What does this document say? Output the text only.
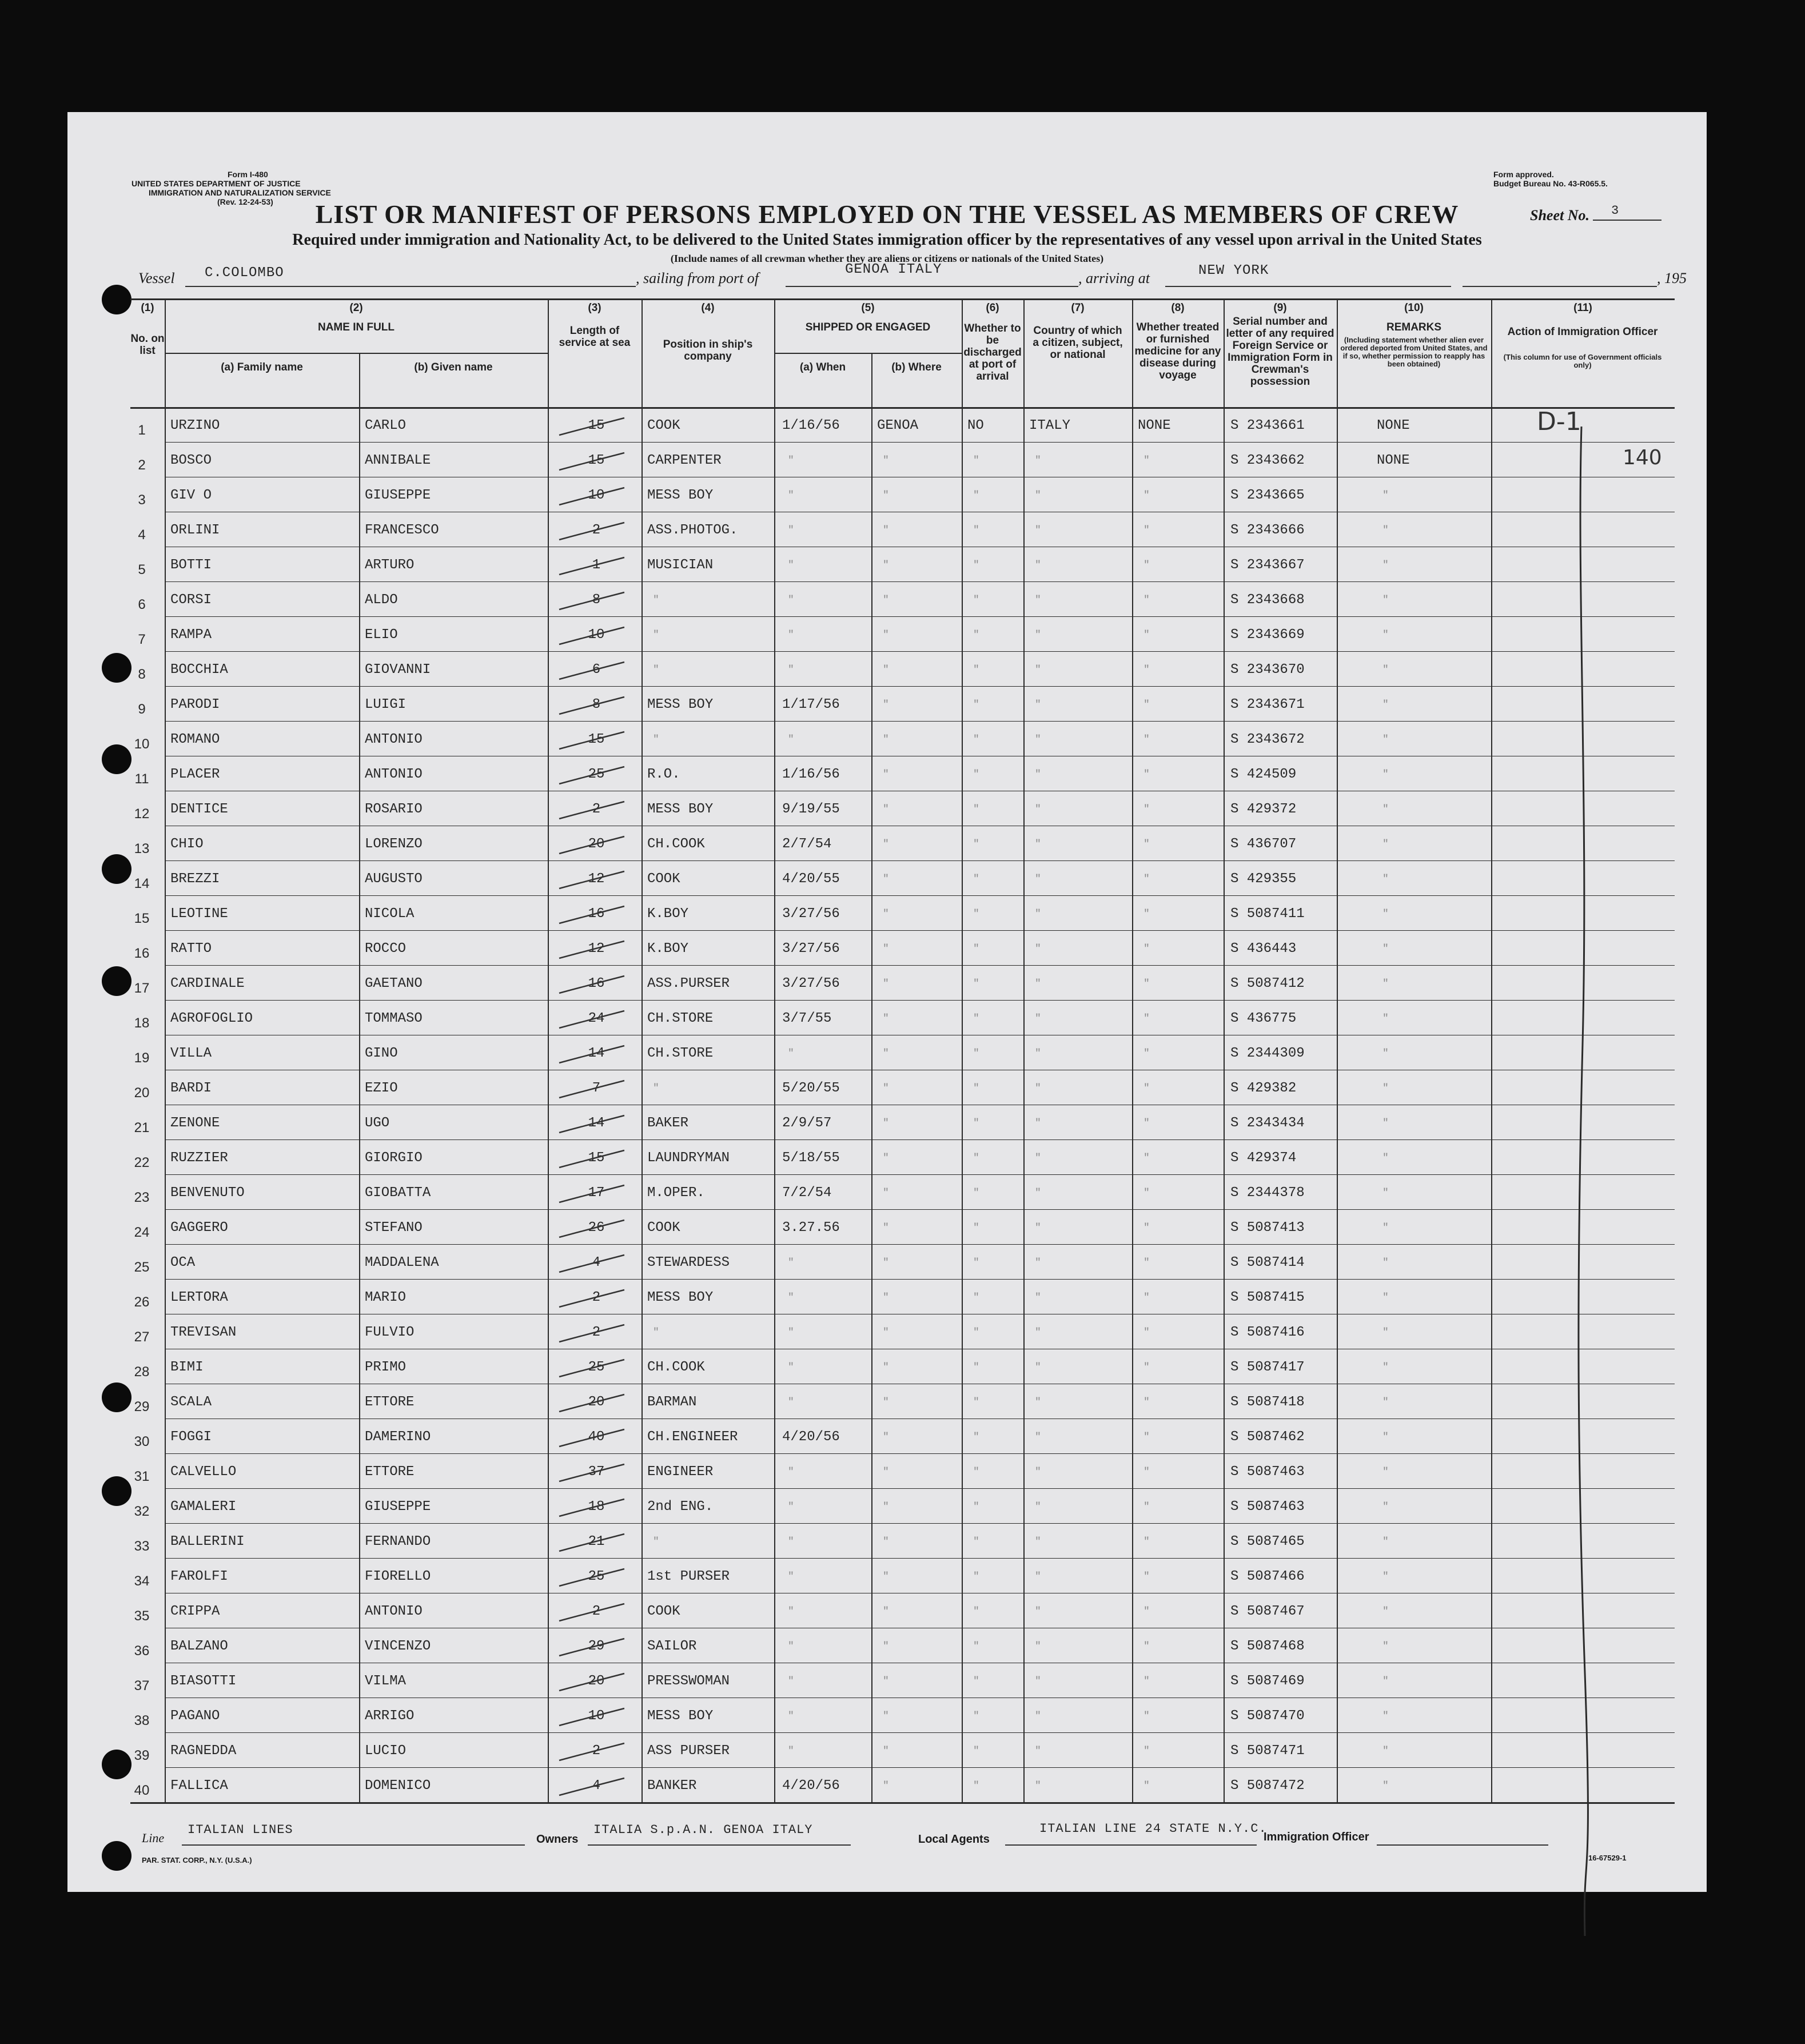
Form I-480
UNITED STATES DEPARTMENT OF JUSTICE
IMMIGRATION AND NATURALIZATION SERVICE
(Rev. 12-24-53)
Form approved.
Budget Bureau No. 43-R065.5.
LIST OR MANIFEST OF PERSONS EMPLOYED ON THE VESSEL AS MEMBERS OF CREW	Sheet No. 3
Required under immigration and Nationality Act, to be delivered to the United States immigration officer by the representatives of any vessel upon arrival in the United States
(Include names of all crewman whether they are aliens or citizens or nationals of the United States)
Vessel C.COLOMBO	, sailing from port of
GENOA ITALY
, arriving at	NEW YORK	, 195
(1)
No. on list
(2)
NAME IN FULL
(a) Family name	(b) Given name
(3)
Length of service at sea
(4)
Position in ship's company
(5)
SHIPPED OR ENGAGED
(a) When	(b) Where
(6)
Whether to be discharged at port of arrival
(7)
Country of which a citizen, subject, or national
(8)
Whether treated or furnished medicine for any disease during voyage
(9)
Serial number and letter of any required Foreign Service or Immigration Form in Crewman's possession
(10)
REMARKS
(Including statement whether alien ever ordered deported from United States, and if so, whether permission to reapply has been obtained)
(11)
Action of Immigration Officer
(This column for use of Government officials only)
1	URZINO	CARLO	15	COOK	1/16/56	GENOA	NO	ITALY	NONE	S 2343661	NONE
2	BOSCO	ANNIBALE	15	CARPENTER	"	"	"	"	"	S 2343662	NONE
3	GIV O	GIUSEPPE	10	MESS BOY	"	"	"	"	"	S 2343665	"
4	ORLINI	FRANCESCO	2	ASS.PHOTOG.	"	"	"	"	"	S 2343666	"
5	BOTTI	ARTURO	1	MUSICIAN	"	"	"	"	"	S 2343667	"
6	CORSI	ALDO	8	"	"	"	"	"	"	S 2343668	"
7	RAMPA	ELIO	10	"	"	"	"	"	"	S 2343669	"
8	BOCCHIA	GIOVANNI	6	"	"	"	"	"	"	S 2343670	"
9	PARODI	LUIGI	8	MESS BOY	1/17/56	"	"	"	"	S 2343671	"
10	ROMANO	ANTONIO	15	"	"	"	"	"	"	S 2343672	"
11	PLACER	ANTONIO	25	R.O.	1/16/56	"	"	"	"	S 424509	"
12	DENTICE	ROSARIO	2	MESS BOY	9/19/55	"	"	"	"	S 429372	"
13	CHIO	LORENZO	20	CH.COOK	2/7/54	"	"	"	"	S 436707	"
14	BREZZI	AUGUSTO	12	COOK	4/20/55	"	"	"	"	S 429355	"
15	LEOTINE	NICOLA	16	K.BOY	3/27/56	"	"	"	"	S 5087411	"
16	RATTO	ROCCO	12	K.BOY	3/27/56	"	"	"	"	S 436443	"
17	CARDINALE	GAETANO	16	ASS.PURSER	3/27/56	"	"	"	"	S 5087412	"
18	AGROFOGLIO	TOMMASO	24	CH.STORE	3/7/55	"	"	"	"	S 436775	"
19	VILLA	GINO	14	CH.STORE	"	"	"	"	"	S 2344309	"
20	BARDI	EZIO	7	"	5/20/55	"	"	"	"	S 429382	"
21	ZENONE	UGO	14	BAKER	2/9/57	"	"	"	"	S 2343434	"
22	RUZZIER	GIORGIO	15	LAUNDRYMAN	5/18/55	"	"	"	"	S 429374	"
23	BENVENUTO	GIOBATTA	17	M.OPER.	7/2/54	"	"	"	"	S 2344378	"
24	GAGGERO	STEFANO	26	COOK	3.27.56	"	"	"	"	S 5087413	"
25	OCA	MADDALENA	4	STEWARDESS	"	"	"	"	"	S 5087414	"
26	LERTORA	MARIO	2	MESS BOY	"	"	"	"	"	S 5087415	"
27	TREVISAN	FULVIO	2	"	"	"	"	"	"	S 5087416	"
28	BIMI	PRIMO	25	CH.COOK	"	"	"	"	"	S 5087417	"
29	SCALA	ETTORE	20	BARMAN	"	"	"	"	"	S 5087418	"
30	FOGGI	DAMERINO	40	CH.ENGINEER	4/20/56	"	"	"	"	S 5087462	"
31	CALVELLO	ETTORE	37	ENGINEER	"	"	"	"	"	S 5087463	"
32	GAMALERI	GIUSEPPE	18	2nd ENG.	"	"	"	"	"	S 5087463	"
33	BALLERINI	FERNANDO	21	"	"	"	"	"	"	S 5087465	"
34	FAROLFI	FIORELLO	25	1st PURSER	"	"	"	"	"	S 5087466	"
35	CRIPPA	ANTONIO	2	COOK	"	"	"	"	"	S 5087467	"
36	BALZANO	VINCENZO	29	SAILOR	"	"	"	"	"	S 5087468	"
37	BIASOTTI	VILMA	20	PRESSWOMAN	"	"	"	"	"	S 5087469	"
38	PAGANO	ARRIGO	10	MESS BOY	"	"	"	"	"	S 5087470	"
39	RAGNEDDA	LUCIO	2	ASS PURSER	"	"	"	"	"	S 5087471	"
40	FALLICA	DOMENICO	4	BANKER	4/20/56	"	"	"	"	S 5087472	"
D-1
140
Line
ITALIAN LINES
Owners
ITALIA S.p.A.N. GENOA ITALY
Local Agents
ITALIAN LINE 24 STATE N.Y.C.
Immigration Officer
PAR. STAT. CORP., N.Y. (U.S.A.)	16-67529-1
